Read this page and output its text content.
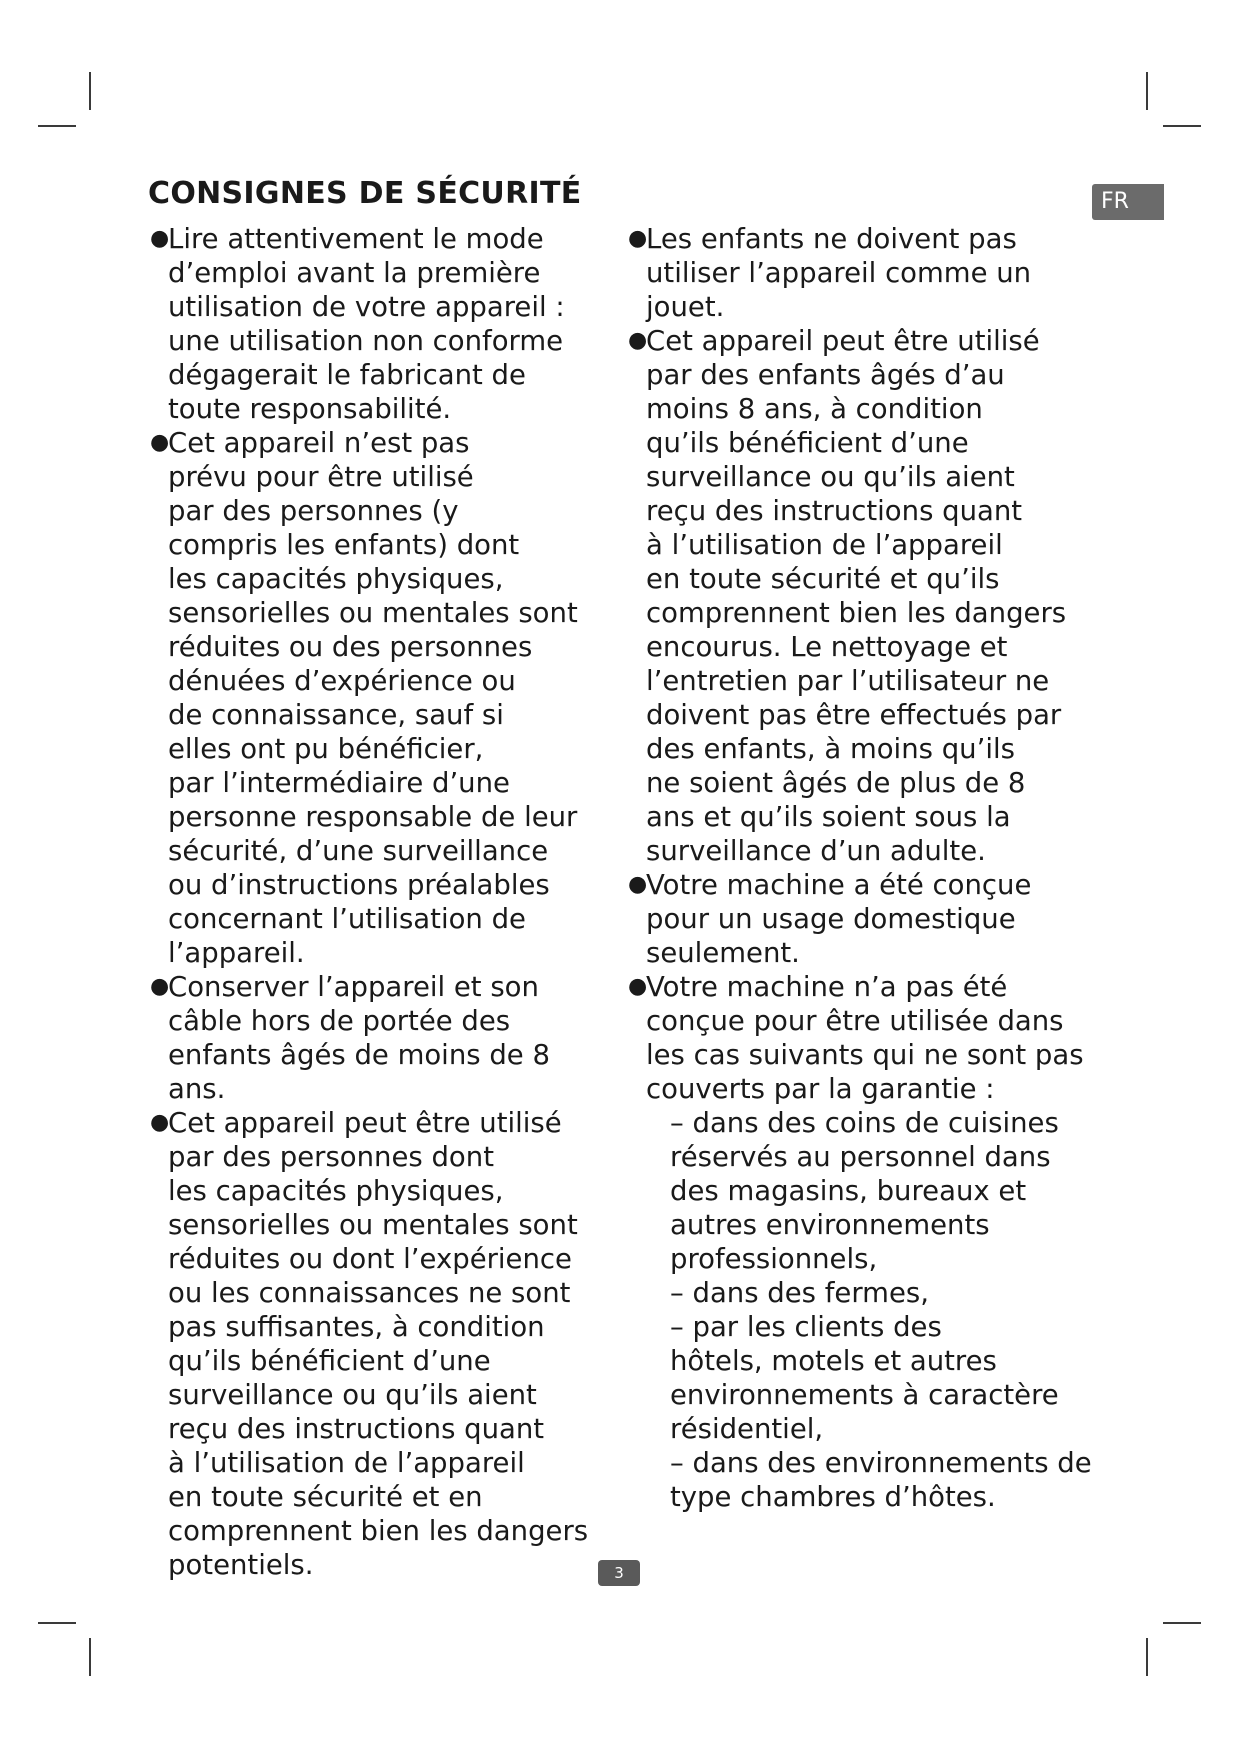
CONSIGNES DE SÉCURITÉ	FR
●
Lire attentivement le mode
d’emploi avant la première
utilisation de votre appareil :
une utilisation non conforme
dégagerait le fabricant de
toute responsabilité.
●
Cet appareil n’est pas
prévu pour être utilisé
par des personnes (y
compris les enfants) dont
les capacités physiques,
sensorielles ou mentales sont
réduites ou des personnes
dénuées d’expérience ou
de connaissance, sauf si
elles ont pu bénéficier,
par l’intermédiaire d’une
personne responsable de leur
sécurité, d’une surveillance
ou d’instructions préalables
concernant l’utilisation de
l’appareil.
●
Conserver l’appareil et son
câble hors de portée des
enfants âgés de moins de 8
ans.
●
Cet appareil peut être utilisé
par des personnes dont
les capacités physiques,
sensorielles ou mentales sont
réduites ou dont l’expérience
ou les connaissances ne sont
pas suffisantes, à condition
qu’ils bénéficient d’une
surveillance ou qu’ils aient
reçu des instructions quant
à l’utilisation de l’appareil
en toute sécurité et en
comprennent bien les dangers
potentiels.
●
Les enfants ne doivent pas
utiliser l’appareil comme un
jouet.
●
Cet appareil peut être utilisé
par des enfants âgés d’au
moins 8 ans, à condition
qu’ils bénéficient d’une
surveillance ou qu’ils aient
reçu des instructions quant
à l’utilisation de l’appareil
en toute sécurité et qu’ils
comprennent bien les dangers
encourus. Le nettoyage et
l’entretien par l’utilisateur ne
doivent pas être effectués par
des enfants, à moins qu’ils
ne soient âgés de plus de 8
ans et qu’ils soient sous la
surveillance d’un adulte.
●
Votre machine a été conçue
pour un usage domestique
seulement.
●
Votre machine n’a pas été
conçue pour être utilisée dans
les cas suivants qui ne sont pas
couverts par la garantie :
– dans des coins de cuisines
réservés au personnel dans
des magasins, bureaux et
autres environnements
professionnels,
– dans des fermes,
– par les clients des
hôtels, motels et autres
environnements à caractère
résidentiel,
– dans des environnements de
type chambres d’hôtes.
3
